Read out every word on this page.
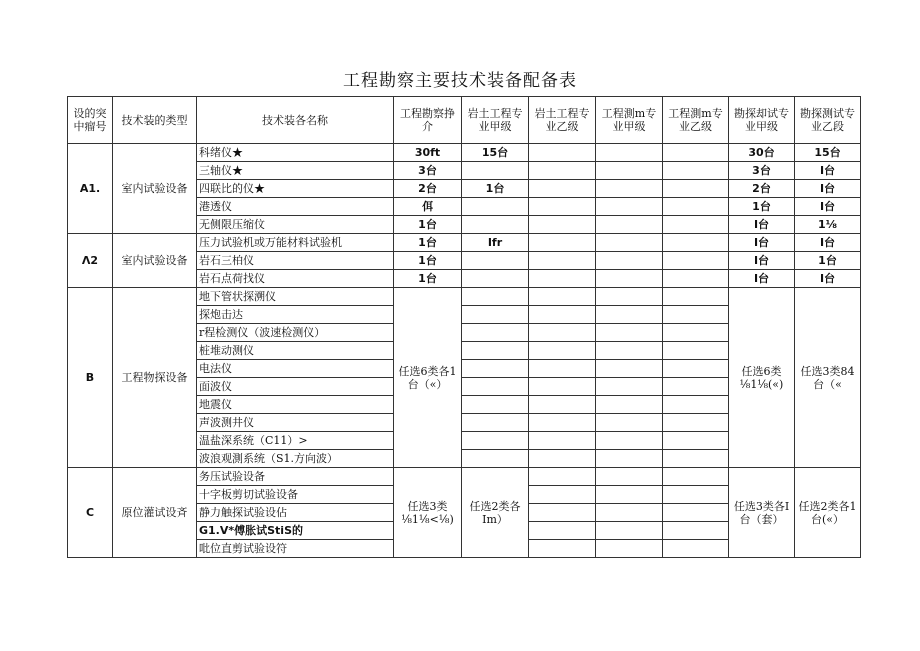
工程勘察主要技术装备配备表
设的突中瘤号	技术装的类型	技术装各名称	工程勘察挣介	岩土工程专业甲级	岩土工程专业乙级	工程測m专业甲级	工程測m专业乙级	勘探却试专业甲级	勘探测试专业乙段
A1.	室内试验设备	科绪仪★	30ft	15台				30台	15台
		三轴仪★	3台					3台	I台
		四联比的仪★	2台	1台				2台	I台
		港透仪	佴					1台	I台
		无侧限压缩伩	1台					I台	1⅛
Λ2	室内试验设备	压力试验机或万能材料试验机	1台	Ifr				I台	I台
		岩石三柏仪	1台					I台	1台
		岩石点荷找仪	1台					I台	I台
B	工程物探设备	地下管状探溯仪	任选6类各1台（«）					任选6类⅛1⅛(«)	任选3类84台（«
		探炮击达							
		r程检测仪（波速检测仪）							
		桩堆动测仪							
		电法仪							
		面波仪							
		地震仪							
		声波测井仪							
		温盐深系统（C11）>							
		波浪观測系统（S1.方向波）							
C	原位灌试设斉	务压试验设备	任选3类⅛1⅛<⅛)	任选2类各Im）				任选3类各I台（套）	任选2类各1台(«）
		十字板剪切试验设备							
		静力触探试验设佔							
		G1.V*傅胀试StiS的							
		吡位直剪试验设符							
